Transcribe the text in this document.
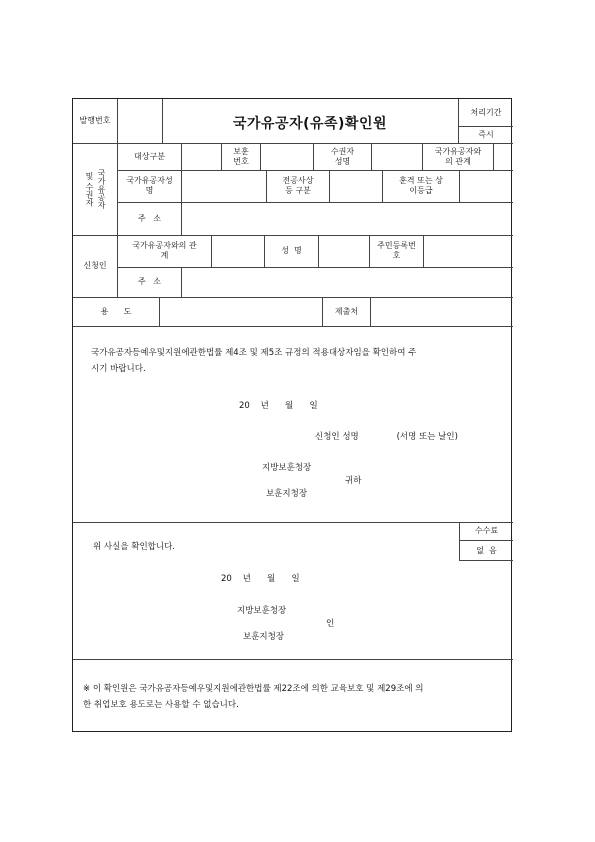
발행번호	국가유공자(유족)확인원
처리기간
즉시
및 수권자 국가유공자
대상구분
보훈
번호
수권자
성명
국가유공자와
의 관계
국가유공자성
명
전공사상
등 구분
훈격 또는 상
이등급
주   소
신청인
국가유공자와의 관
계
성  명
주민등록번
호
주   소
용      도	제출처
국가유공자등예우및지원에관한법률 제4조 및 제5조 규정의 적용대상자임을 확인하여 주
시기 바랍니다.
20    년      월      일
신청인 성명              (서명 또는 날인)
지방보훈청장
귀하
보훈지청장
위 사실을 확인합니다.
수수료
없  음
20    년      월      일
지방보훈청장
인
보훈지청장
※ 이 확인원은 국가유공자등예우및지원에관한법률 제22조에 의한 교육보호 및 제29조에 의
한 취업보호 용도로는 사용할 수 없습니다.
